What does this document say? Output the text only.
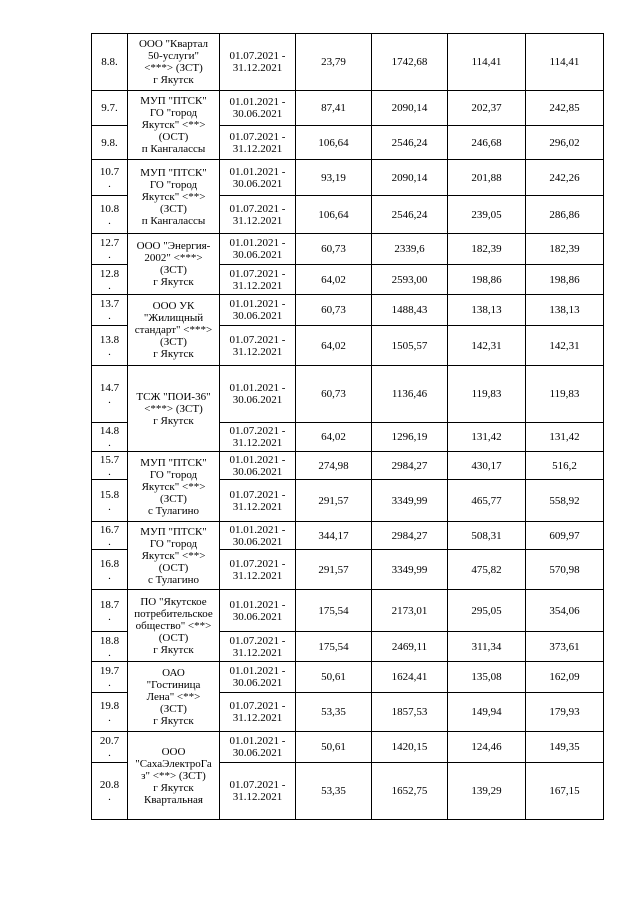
8.8.	ООО "Квартал
50-услуги"
<***> (ЗСТ)
г Якутск	01.07.2021 -
31.12.2021	23,79	1742,68	114,41	114,41
9.7.	МУП "ПТСК"
ГО "город
Якутск" <**>
(ОСТ)
п Кангаласcы	01.01.2021 -
30.06.2021	87,41	2090,14	202,37	242,85
9.8.		01.07.2021 -
31.12.2021	106,64	2546,24	246,68	296,02
10.7
.	МУП "ПТСК"
ГО "город
Якутск" <**>
(ЗСТ)
п Кангаласcы	01.01.2021 -
30.06.2021	93,19	2090,14	201,88	242,26
10.8
.		01.07.2021 -
31.12.2021	106,64	2546,24	239,05	286,86
12.7
.	ООО "Энергия-
2002" <***>
(ЗСТ)
г Якутск	01.01.2021 -
30.06.2021	60,73	2339,6	182,39	182,39
12.8
.		01.07.2021 -
31.12.2021	64,02	2593,00	198,86	198,86
13.7
.	ООО УК
"Жилищный
стандарт" <***>
(ЗСТ)
г Якутск	01.01.2021 -
30.06.2021	60,73	1488,43	138,13	138,13
13.8
.		01.07.2021 -
31.12.2021	64,02	1505,57	142,31	142,31
14.7
.	ТСЖ "ПОИ-36"
<***> (ЗСТ)
г Якутск	01.01.2021 -
30.06.2021	60,73	1136,46	119,83	119,83
14.8
.		01.07.2021 -
31.12.2021	64,02	1296,19	131,42	131,42
15.7
.	МУП "ПТСК"
ГО "город
Якутск" <**>
(ЗСТ)
с Тулагино	01.01.2021 -
30.06.2021	274,98	2984,27	430,17	516,2
15.8
.		01.07.2021 -
31.12.2021	291,57	3349,99	465,77	558,92
16.7
.	МУП "ПТСК"
ГО "город
Якутск" <**>
(ОСТ)
с Тулагино	01.01.2021 -
30.06.2021	344,17	2984,27	508,31	609,97
16.8
.		01.07.2021 -
31.12.2021	291,57	3349,99	475,82	570,98
18.7
.	ПО "Якутское
потребительское
общество" <**>
(ОСТ)
г Якутск	01.01.2021 -
30.06.2021	175,54	2173,01	295,05	354,06
18.8
.		01.07.2021 -
31.12.2021	175,54	2469,11	311,34	373,61
19.7
.	ОАО
"Гостиница
Лена" <**>
(ЗСТ)
г Якутск	01.01.2021 -
30.06.2021	50,61	1624,41	135,08	162,09
19.8
.		01.07.2021 -
31.12.2021	53,35	1857,53	149,94	179,93
20.7
.	ООО
"СахаЭлектроГа
з" <**> (ЗСТ)
г Якутск
Квартальная	01.01.2021 -
30.06.2021	50,61	1420,15	124,46	149,35
20.8
.		01.07.2021 -
31.12.2021	53,35	1652,75	139,29	167,15
